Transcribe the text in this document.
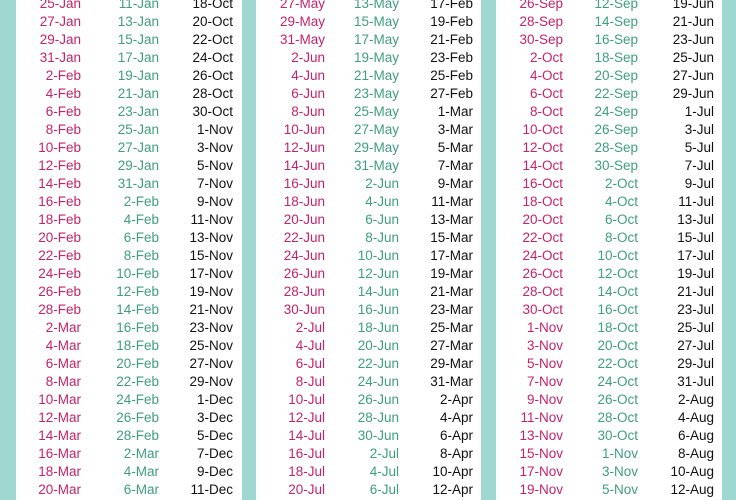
25-Jan	11-Jan 18-Oct
27-Jan	13-Jan 20-Oct
29-Jan	15-Jan 22-Oct
31-Jan	17-Jan 24-Oct
2-Feb	19-Jan 26-Oct
4-Feb	21-Jan 28-Oct
6-Feb	23-Jan 30-Oct
8-Feb	25-Jan	1-Nov
10-Feb	27-Jan	3-Nov
12-Feb	29-Jan	5-Nov
14-Feb	31-Jan	7-Nov
16-Feb	2-Feb	9-Nov
18-Feb	4-Feb 11-Nov
20-Feb	6-Feb 13-Nov
22-Feb	8-Feb 15-Nov
24-Feb	10-Feb 17-Nov
26-Feb	12-Feb 19-Nov
28-Feb	14-Feb 21-Nov
2-Mar	16-Feb 23-Nov
4-Mar	18-Feb 25-Nov
6-Mar	20-Feb 27-Nov
8-Mar	22-Feb 29-Nov
10-Mar	24-Feb	1-Dec
12-Mar	26-Feb	3-Dec
14-Mar	28-Feb	5-Dec
16-Mar	2-Mar	7-Dec
18-Mar	4-Mar	9-Dec
20-Mar	6-Mar 11-Dec
27-May 13-May 17-Feb
29-May 15-May 19-Feb
31-May 17-May 21-Feb
2-Jun 19-May 23-Feb
4-Jun 21-May 25-Feb
6-Jun 23-May 27-Feb
8-Jun 25-May	1-Mar
10-Jun 27-May	3-Mar
12-Jun 29-May	5-Mar
14-Jun 31-May	7-Mar
16-Jun	2-Jun	9-Mar
18-Jun	4-Jun 11-Mar
20-Jun	6-Jun 13-Mar
22-Jun	8-Jun 15-Mar
24-Jun 10-Jun 17-Mar
26-Jun 12-Jun 19-Mar
28-Jun 14-Jun 21-Mar
30-Jun 16-Jun 23-Mar
2-Jul 18-Jun 25-Mar
4-Jul 20-Jun 27-Mar
6-Jul 22-Jun 29-Mar
8-Jul 24-Jun 31-Mar
10-Jul 26-Jun	2-Apr
12-Jul 28-Jun	4-Apr
14-Jul 30-Jun	6-Apr
16-Jul	2-Jul	8-Apr
18-Jul	4-Jul 10-Apr
20-Jul	6-Jul 12-Apr
26-Sep 12-Sep	19-Jun
28-Sep 14-Sep	21-Jun
30-Sep 16-Sep	23-Jun
2-Oct 18-Sep	25-Jun
4-Oct 20-Sep	27-Jun
6-Oct 22-Sep	29-Jun
8-Oct 24-Sep	1-Jul
10-Oct 26-Sep	3-Jul
12-Oct 28-Sep	5-Jul
14-Oct 30-Sep	7-Jul
16-Oct	2-Oct	9-Jul
18-Oct	4-Oct	11-Jul
20-Oct	6-Oct	13-Jul
22-Oct	8-Oct	15-Jul
24-Oct	10-Oct	17-Jul
26-Oct	12-Oct	19-Jul
28-Oct	14-Oct	21-Jul
30-Oct	16-Oct	23-Jul
1-Nov	18-Oct	25-Jul
3-Nov	20-Oct	27-Jul
5-Nov	22-Oct	29-Jul
7-Nov	24-Oct	31-Jul
9-Nov	26-Oct	2-Aug
11-Nov	28-Oct	4-Aug
13-Nov	30-Oct	6-Aug
15-Nov	1-Nov	8-Aug
17-Nov	3-Nov 10-Aug
19-Nov	5-Nov 12-Aug
